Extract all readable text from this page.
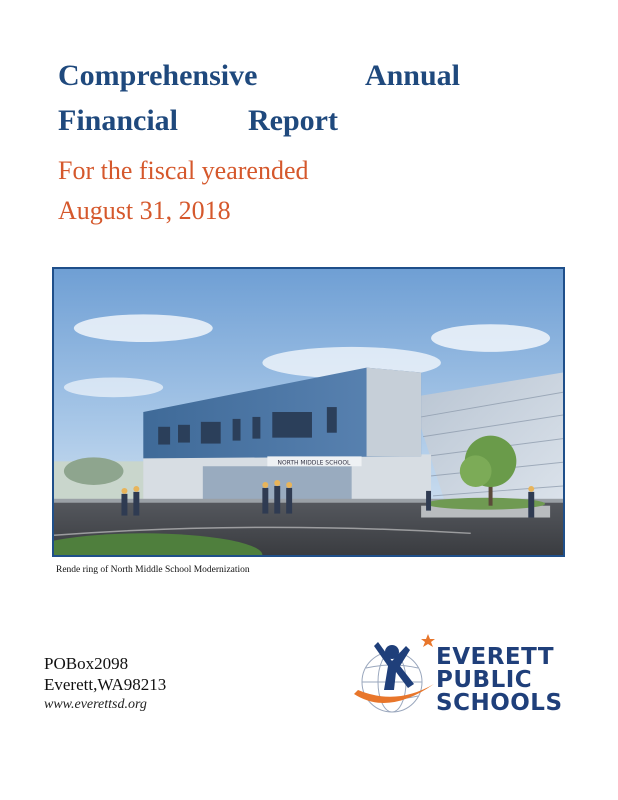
Comprehensive	Annual
Financial Report
For the fiscal yearended
August 31, 2018
NORTH MIDDLE SCHOOL
Rende ring of North Middle School Modernization
POBox2098
Everett,WA98213
www.everettsd.org
EVERETT
PUBLIC
SCHOOLS
